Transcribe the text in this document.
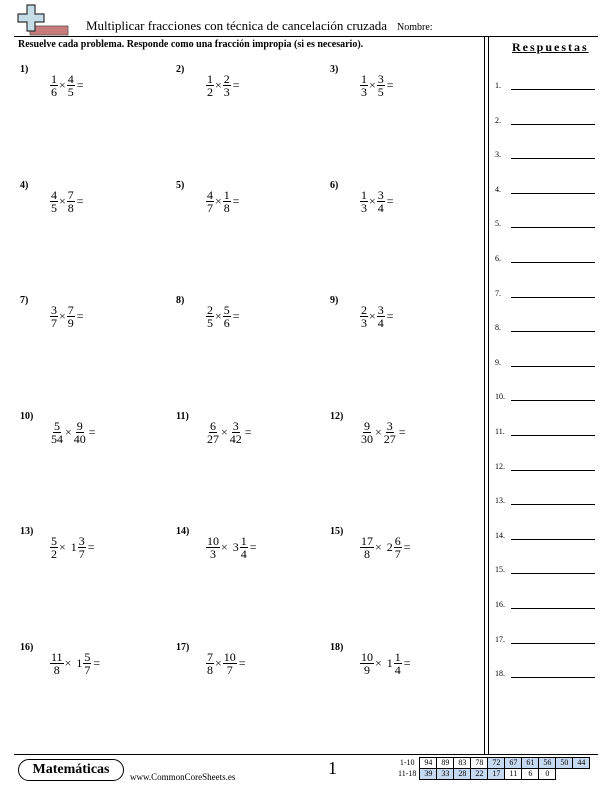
Multiplicar fracciones con técnica de cancelación cruzada Nombre:
Resuelve cada problema. Responde como una fracción impropia (si es necesario).	Respuestas
1.
2.
3.
4.
5.
6.
7.
8.
9.
10.
11.
12.
13.
14.
15.
16.
17.
18.
1)
$\frac{1}{6} \times \frac{4}{5}$ =
2)
$\frac{1}{2} \times \frac{2}{3}$ =
3)
$\frac{1}{3} \times \frac{3}{5}$ =
4)
$\frac{4}{5} \times \frac{7}{8}$ =
5)
$\frac{4}{7} \times \frac{1}{8}$ =
6)
$\frac{1}{3} \times \frac{3}{4}$ =
7)
$\frac{3}{7} \times \frac{7}{9}$ =
8)
$\frac{2}{5} \times \frac{5}{6}$ =
9)
$\frac{2}{3} \times \frac{3}{4}$ =
10)
$\frac{5}{54} \times \frac{9}{40}$ =
11)
$\frac{6}{27} \times \frac{3}{42}$ =
12)
$\frac{9}{30} \times \frac{3}{27}$ =
13)
$\frac{5}{2} \times 1 \frac{3}{7}$ =
14)
$\frac{10}{3} \times 3 \frac{1}{4}$ =
15)
$\frac{17}{8} \times 2 \frac{6}{7}$ =
16)
$\frac{11}{8} \times 1 \frac{5}{7}$ =
17)
$\frac{7}{8} \times \frac{10}{7}$ =
18)
$\frac{10}{9} \times 1 \frac{1}{4}$ =
Matemáticas	www.CommonCoreSheets.es	1	1-10	94	89	83	78	72	67	61	56	50	44
11-18	39	33	28	22	17	11	6	0		
